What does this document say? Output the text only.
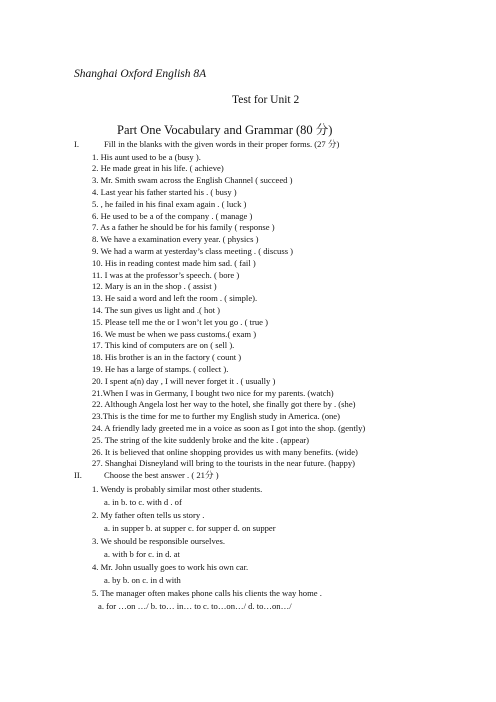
Shanghai Oxford English 8A
Test for Unit 2
Part One Vocabulary and Grammar (80 分)
I.	Fill in the blanks with the given words in their proper forms. (27 分)
1. His aunt used to be a (busy ).
2. He made great in his life. ( achieve)
3. Mr. Smith swam across the English Channel ( succeed )
4. Last year his father started his . ( busy )
5. , he failed in his final exam again . ( luck )
6. He used to be a of the company . ( manage )
7. As a father he should be for his family ( response )
8. We have a examination every year. ( physics )
9. We had a warm at yesterday’s class meeting . ( discuss )
10. His in reading contest made him sad. ( fail )
11. I was at the professor’s speech. ( bore )
12. Mary is an in the shop . ( assist )
13. He said a word and left the room . ( simple).
14. The sun gives us light and .( hot )
15. Please tell me the or I won’t let you go . ( true )
16. We must be when we pass customs.( exam )
17. This kind of computers are on ( sell ).
18. His brother is an in the factory ( count )
19. He has a large of stamps. ( collect ).
20. I spent a(n) day , I will never forget it . ( usually )
21.When I was in Germany, I bought two nice for my parents. (watch)
22. Although Angela lost her way to the hotel, she finally got there by . (she)
23.This is the time for me to further my English study in America. (one)
24. A friendly lady greeted me in a voice as soon as I got into the shop. (gently)
25. The string of the kite suddenly broke and the kite . (appear)
26. It is believed that online shopping provides us with many benefits. (wide)
27. Shanghai Disneyland will bring to the tourists in the near future. (happy)
II.	Choose the best answer . ( 21分 )
1. Wendy is probably similar most other students.
a. in b. to c. with d . of
2. My father often tells us story .
a. in supper b. at supper c. for supper d. on supper
3. We should be responsible ourselves.
a. with b for c. in d. at
4. Mr. John usually goes to work his own car.
a. by b. on c. in d with
5. The manager often makes phone calls his clients the way home .
a. for …on …/ b. to… in… to c. to…on…/ d. to…on…/
